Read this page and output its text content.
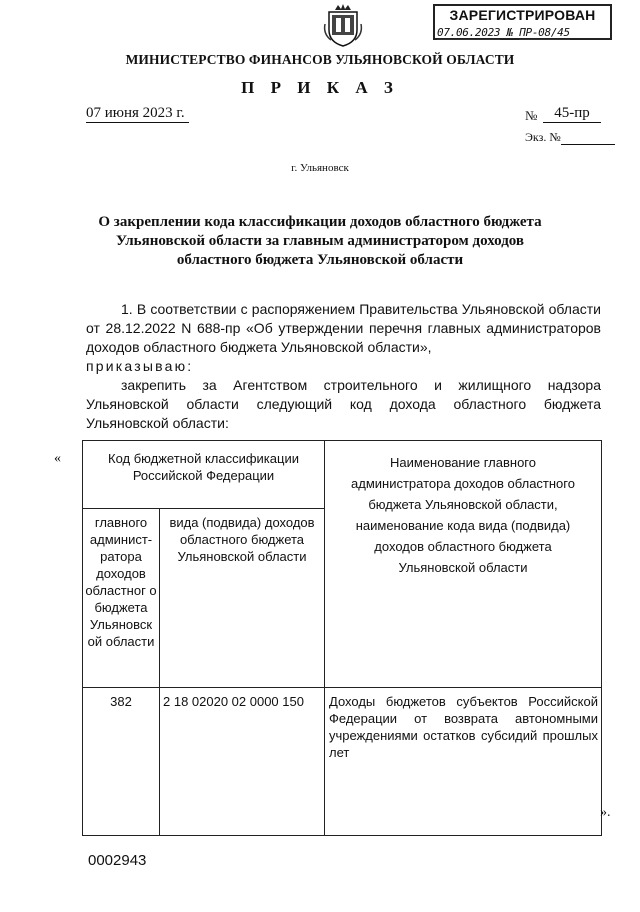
ЗАРЕГИСТРИРОВАН
07.06.2023 № ПР-08/45
МИНИСТЕРСТВО ФИНАНСОВ УЛЬЯНОВСКОЙ ОБЛАСТИ
П Р И К А З
07 июня 2023 г.	№	45-пр
Экз. №
г. Ульяновск
О закреплении кода классификации доходов областного бюджета
Ульяновской области за главным администратором доходов
областного бюджета Ульяновской области
1. В соответствии с распоряжением Правительства Ульяновской области от 28.12.2022 N 688-пр «Об утверждении перечня главных администраторов доходов областного бюджета Ульяновской области»,
приказываю:
закрепить за Агентством строительного и жилищного надзора Ульяновской области следующий код дохода областного бюджета Ульяновской области:
«	Код бюджетной классификации Российской Федерации		Наименование главного администратора доходов областного бюджета Ульяновской области, наименование кода вида (подвида) доходов областного бюджета Ульяновской области
главного админист-ратора доходов областног о бюджета Ульяновск ой области	вида (подвида) доходов областного бюджета Ульяновской области	
382	2 18 02020 02 0000 150	Доходы бюджетов субъектов Российской Федерации от возврата автономными учреждениями остатков субсидий прошлых лет
».
0002943
